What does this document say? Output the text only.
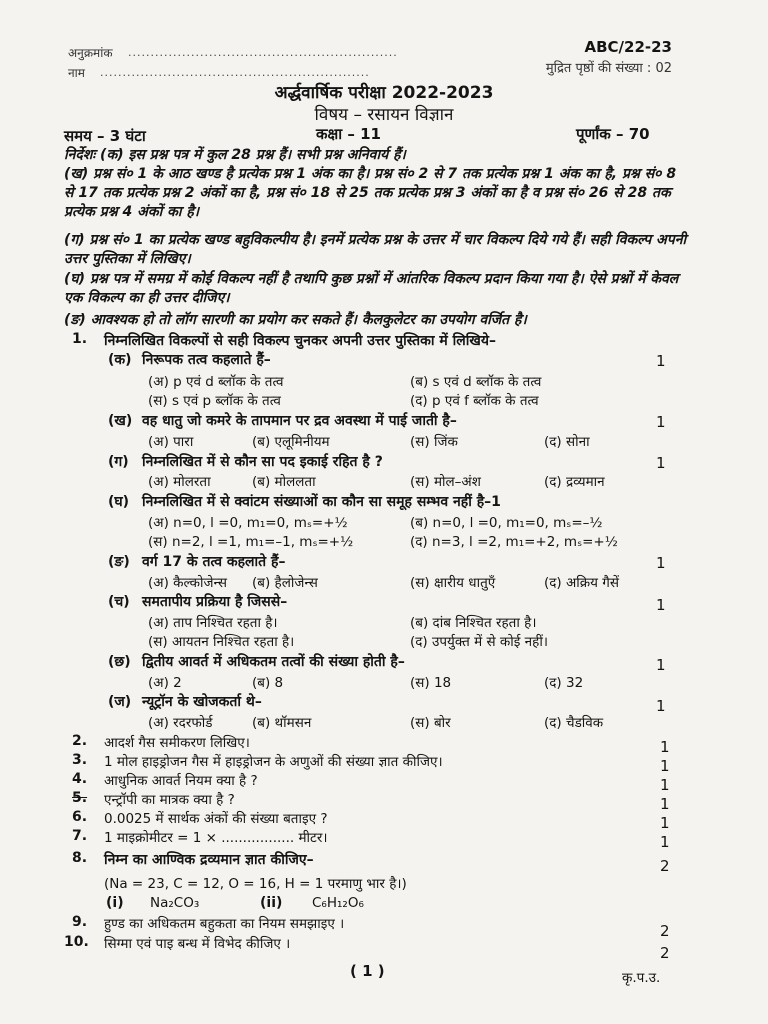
अनुक्रमांक ............................................................
नाम ............................................................
ABC/22-23
मुद्रित पृष्ठों की संख्या : 02
अर्द्धवार्षिक परीक्षा 2022-2023
विषय – रसायन विज्ञान
समय – 3 घंटा	कक्षा – 11	पूर्णांक – 70
निर्देशः (क) इस प्रश्न पत्र में कुल 28 प्रश्न हैं। सभी प्रश्न अनिवार्य हैं।
(ख) प्रश्न सं० 1 के आठ खण्ड है प्रत्येक प्रश्न 1 अंक का है। प्रश्न सं० 2 से 7 तक प्रत्येक प्रश्न 1 अंक का है, प्रश्न सं० 8 से 17 तक प्रत्येक प्रश्न 2 अंकों का है, प्रश्न सं० 18 से 25 तक प्रत्येक प्रश्न 3 अंकों का है व प्रश्न सं० 26 से 28 तक प्रत्येक प्रश्न 4 अंकों का है।
(ग) प्रश्न सं० 1 का प्रत्येक खण्ड बहुविकल्पीय है। इनमें प्रत्येक प्रश्न के उत्तर में चार विकल्प दिये गये हैं। सही विकल्प अपनी उत्तर पुस्तिका में लिखिए।
(घ) प्रश्न पत्र में समग्र में कोई विकल्प नहीं है तथापि कुछ प्रश्नों में आंतरिक विकल्प प्रदान किया गया है। ऐसे प्रश्नों में केवल एक विकल्प का ही उत्तर दीजिए।
(ङ) आवश्यक हो तो लॉग सारणी का प्रयोग कर सकते हैं। कैलकुलेटर का उपयोग वर्जित है।
1. निम्नलिखित विकल्पों से सही विकल्प चुनकर अपनी उत्तर पुस्तिका में लिखिये–
(क) निरूपक तत्व कहलाते हैं–	1
(अ) p एवं d ब्लॉक के तत्व	(ब) s एवं d ब्लॉक के तत्व
(स) s एवं p ब्लॉक के तत्व	(द) p एवं f ब्लॉक के तत्व
(ख) वह धातु जो कमरे के तापमान पर द्रव अवस्था में पाई जाती है–	1
(अ) पारा	(ब) एलूमिनीयम	(स) जिंक	(द) सोना
(ग) निम्नलिखित में से कौन सा पद इकाई रहित है ?	1
(अ) मोलरता	(ब) मोललता	(स) मोल–अंश	(द) द्रव्यमान
(घ) निम्नलिखित में से क्वांटम संख्याओं का कौन सा समूह सम्भव नहीं है–1
(अ) n=0, l =0, m₁=0, mₛ=+½	(ब) n=0, l =0, m₁=0, mₛ=–½
(स) n=2, l =1, m₁=–1, mₛ=+½	(द) n=3, l =2, m₁=+2, mₛ=+½
(ङ) वर्ग 17 के तत्व कहलाते हैं–	1
(अ) कैल्कोजेन्स (ब) हैलोजेन्स	(स) क्षारीय धातुएँ	(द) अक्रिय गैसें
(च) समतापीय प्रक्रिया है जिससे–	1
(अ) ताप निश्चित रहता है।	(ब) दांब निश्चित रहता है।
(स) आयतन निश्चित रहता है।	(द) उपर्युक्त में से कोई नहीं।
(छ) द्वितीय आवर्त में अधिकतम तत्वों की संख्या होती है–	1
(अ) 2	(ब) 8	(स) 18	(द) 32
(ज) न्यूट्रॉन के खोजकर्ता थे–	1
(अ) रदरफोर्ड	(ब) थॉमसन	(स) बोर	(द) चैडविक
2. आदर्श गैस समीकरण लिखिए।	1
3. 1 मोल हाइड्रोजन गैस में हाइड्रोजन के अणुओं की संख्या ज्ञात कीजिए।	1
4. आधुनिक आवर्त नियम क्या है ?	1
5. एन्ट्रॉपी का मात्रक क्या है ?	1
6. 0.0025 में सार्थक अंकों की संख्या बताइए ?	1
7. 1 माइक्रोमीटर = 1 × ................. मीटर।	1
8. निम्न का आण्विक द्रव्यमान ज्ञात कीजिए–	2
(Na = 23, C = 12, O = 16, H = 1 परमाणु भार है।)
(i) Na₂CO₃	(ii) C₆H₁₂O₆
9. हुण्ड का अधिकतम बहुकता का नियम समझाइए ।	2
10. सिग्मा एवं पाइ बन्ध में विभेद कीजिए ।	2
( 1 )	कृ.प.उ.
